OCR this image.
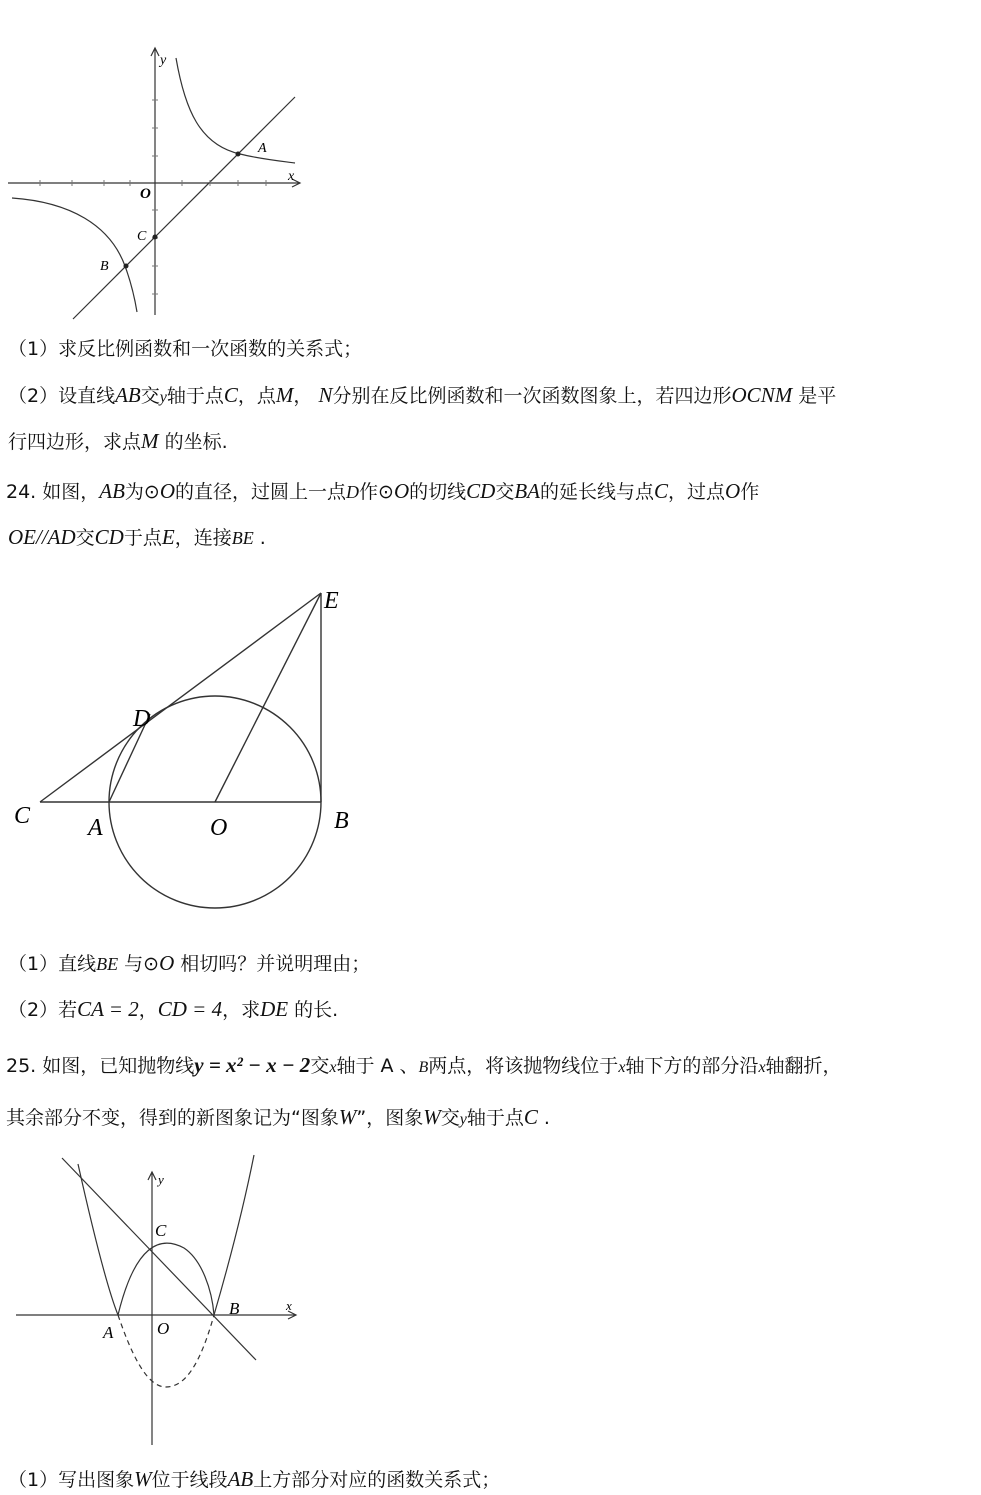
y
x
O
A
B
C
（1）求反比例函数和一次函数的关系式；
（2）设直线AB交y轴于点C，点M， N分别在反比例函数和一次函数图象上，若四边形OCNM 是平
行四边形，求点M 的坐标.
24. 如图，AB为⊙O的直径，过圆上一点D作⊙O的切线CD交BA的延长线与点C，过点O作
OE//AD交CD于点E，连接BE .
E
D
C A	O	B
（1）直线BE 与⊙O 相切吗？并说明理由；
（2）若CA = 2，CD = 4，求DE 的长.
25. 如图，已知抛物线y = x² − x − 2交x轴于 A 、B两点，将该抛物线位于x轴下方的部分沿x轴翻折，
其余部分不变，得到的新图象记为“图象W”，图象W交y轴于点C .
y
x
C
A	O
B
（1）写出图象W位于线段AB上方部分对应的函数关系式；
